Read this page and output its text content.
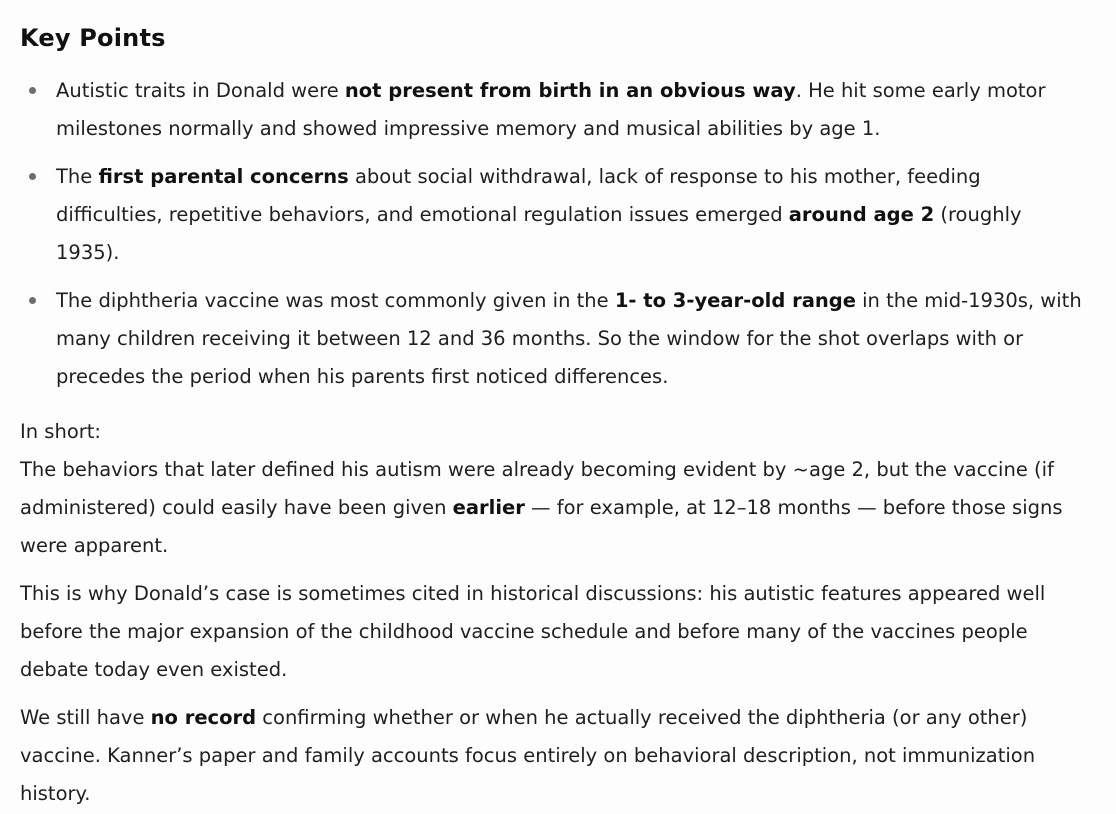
Key Points
Autistic traits in Donald were not present from birth in an obvious way. He hit some early motor milestones normally and showed impressive memory and musical abilities by age 1.
The first parental concerns about social withdrawal, lack of response to his mother, feeding difficulties, repetitive behaviors, and emotional regulation issues emerged around age 2 (roughly 1935).
The diphtheria vaccine was most commonly given in the 1- to 3-year-old range in the mid-1930s, with many children receiving it between 12 and 36 months. So the window for the shot overlaps with or precedes the period when his parents first noticed differences.

In short:

The behaviors that later defined his autism were already becoming evident by ~age 2, but the vaccine (if administered) could easily have been given earlier — for example, at 12–18 months — before those signs were apparent.

This is why Donald’s case is sometimes cited in historical discussions: his autistic features appeared well before the major expansion of the childhood vaccine schedule and before many of the vaccines people debate today even existed.

We still have no record confirming whether or when he actually received the diphtheria (or any other) vaccine. Kanner’s paper and family accounts focus entirely on behavioral description, not immunization history.
